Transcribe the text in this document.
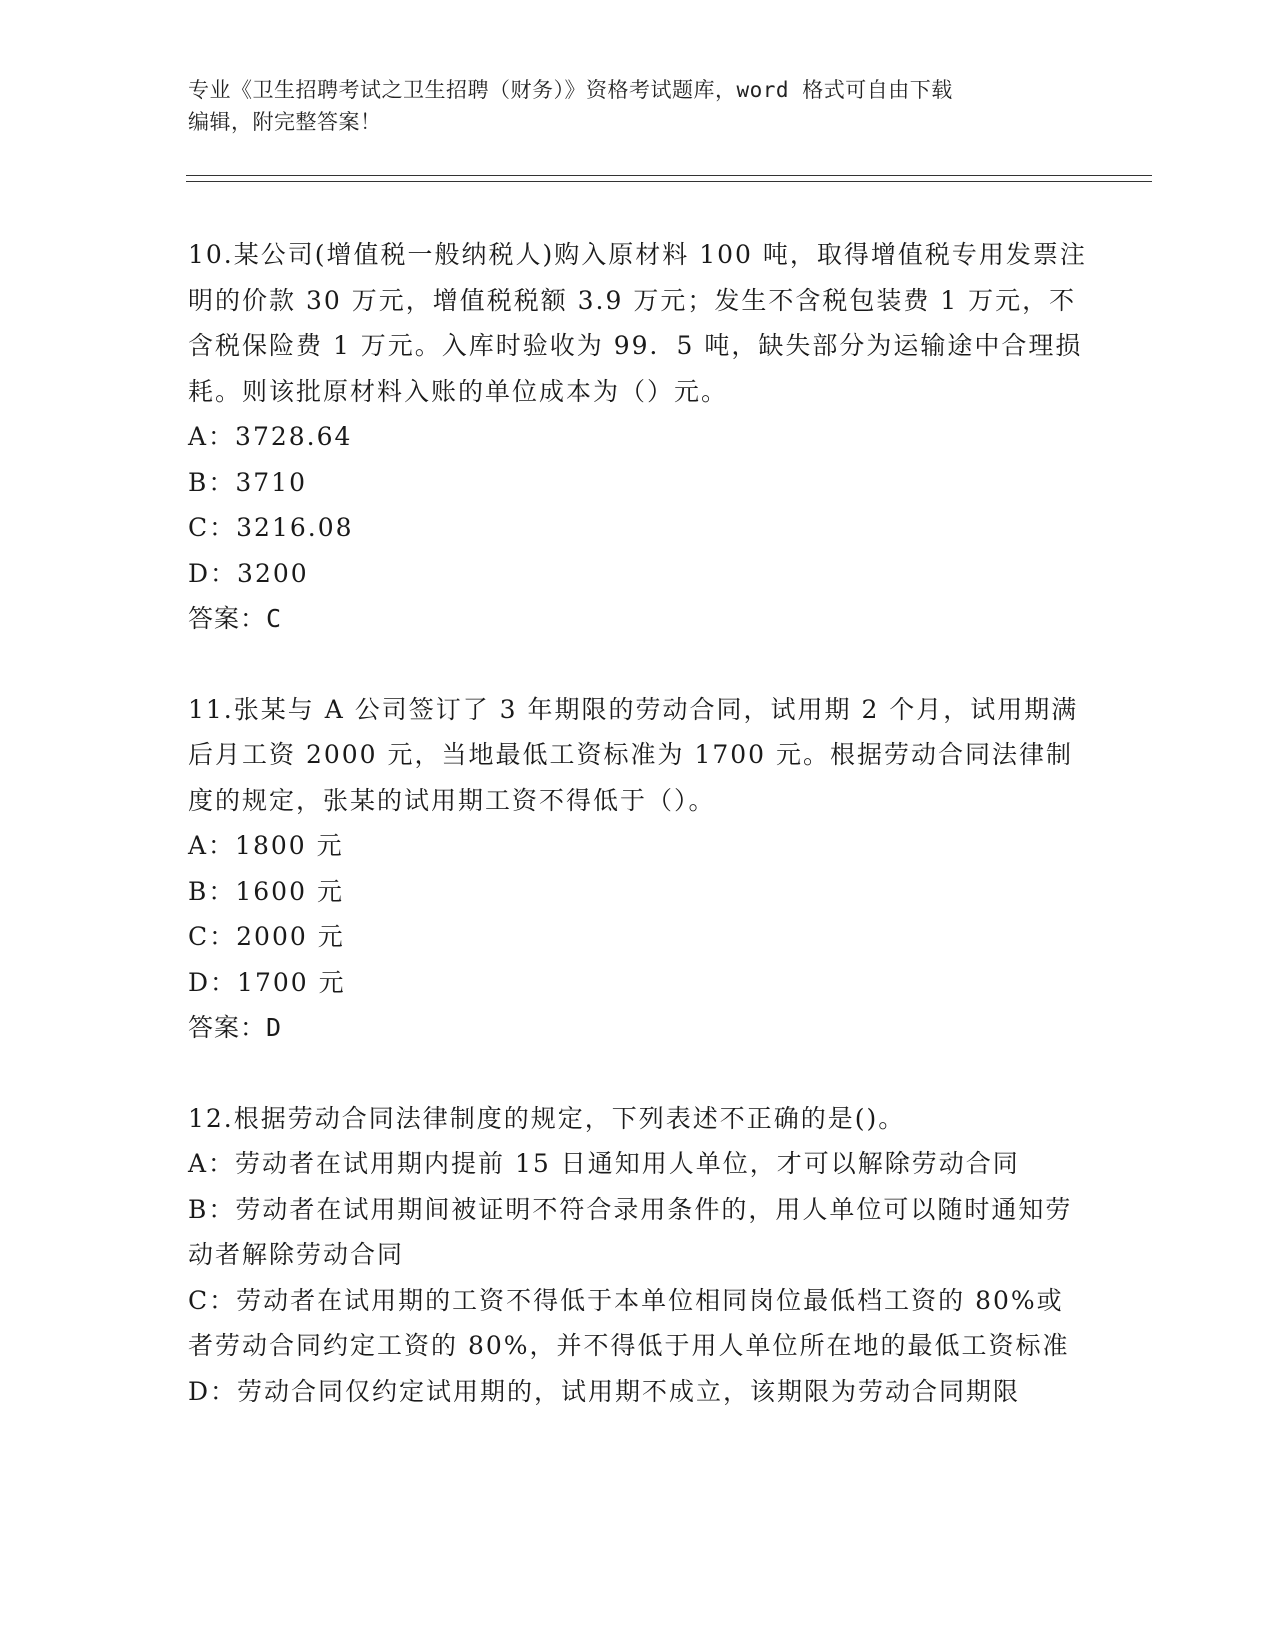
专业《卫生招聘考试之卫生招聘（财务）》资格考试题库，word 格式可自由下载
编辑，附完整答案！

10.某公司(增值税一般纳税人)购入原材料 100 吨，取得增值税专用发票注明的价款 30 万元，增值税税额 3.9 万元；发生不含税包装费 1 万元，不含税保险费 1 万元。入库时验收为 99．5 吨，缺失部分为运输途中合理损耗。则该批原材料入账的单位成本为（）元。

A：3728.64

B：3710

C：3216.08

D：3200

答案：C

11.张某与 A 公司签订了 3 年期限的劳动合同，试用期 2 个月，试用期满后月工资 2000 元，当地最低工资标准为 1700 元。根据劳动合同法律制度的规定，张某的试用期工资不得低于（）。

A：1800 元

B：1600 元

C：2000 元

D：1700 元

答案：D

12.根据劳动合同法律制度的规定，下列表述不正确的是()。

A：劳动者在试用期内提前 15 日通知用人单位，才可以解除劳动合同

B：劳动者在试用期间被证明不符合录用条件的，用人单位可以随时通知劳动者解除劳动合同

C：劳动者在试用期的工资不得低于本单位相同岗位最低档工资的 80%或者劳动合同约定工资的 80%，并不得低于用人单位所在地的最低工资标准

D：劳动合同仅约定试用期的，试用期不成立，该期限为劳动合同期限
